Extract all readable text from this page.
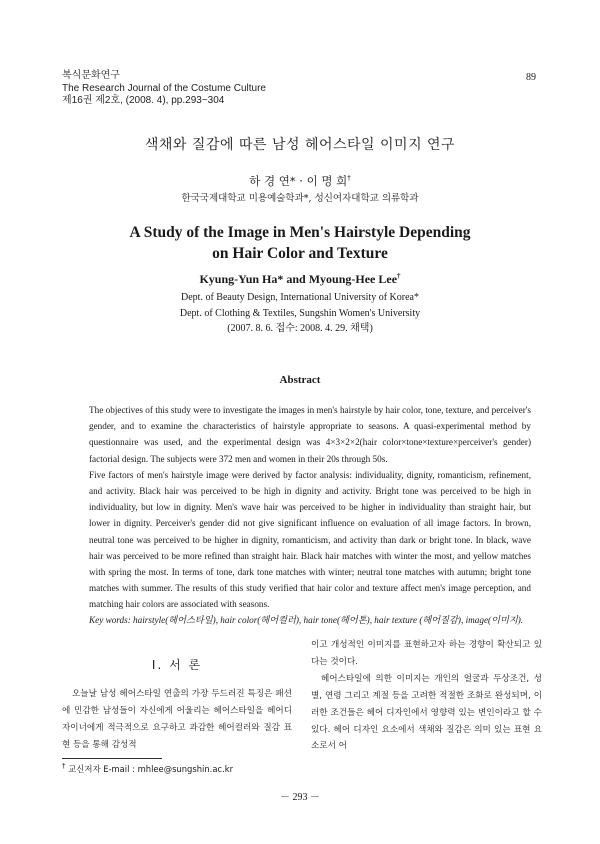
복식문화연구
The Research Journal of the Costume Culture
제16권 제2호, (2008. 4), pp.293~304
89
색채와 질감에 따른 남성 헤어스타일 이미지 연구
하 경 연* · 이 명 희†
한국국제대학교 미용예술학과*, 성신여자대학교 의류학과
A Study of the Image in Men's Hairstyle Depending
on Hair Color and Texture
Kyung-Yun Ha* and Myoung-Hee Lee†
Dept. of Beauty Design, International University of Korea*
Dept. of Clothing & Textiles, Sungshin Women's University
(2007. 8. 6. 접수: 2008. 4. 29. 채택)
Abstract

The objectives of this study were to investigate the images in men's hairstyle by hair color, tone, texture, and perceiver's gender, and to examine the characteristics of hairstyle appropriate to seasons. A quasi-experimental method by questionnaire was used, and the experimental design was 4×3×2×2(hair color×tone×texture×perceiver's gender) factorial design. The subjects were 372 men and women in their 20s through 50s.

Five factors of men's hairstyle image were derived by factor analysis: individuality, dignity, romanticism, refinement, and activity. Black hair was perceived to be high in dignity and activity. Bright tone was perceived to be high in individuality, but low in dignity. Men's wave hair was perceived to be higher in individuality than straight hair, but lower in dignity. Perceiver's gender did not give significant influence on evaluation of all image factors. In brown, neutral tone was perceived to be higher in dignity, romanticism, and activity than dark or bright tone. In black, wave hair was perceived to be more refined than straight hair. Black hair matches with winter the most, and yellow matches with spring the most. In terms of tone, dark tone matches with winter; neutral tone matches with autumn; bright tone matches with summer. The results of this study verified that hair color and texture affect men's image perception, and matching hair colors are associated with seasons.

Key words: hairstyle(헤어스타일), hair color(헤어컬러), hair tone(헤어톤), hair texture (헤어질감), image(이미지).
Ⅰ. 서 론

오늘날 남성 헤어스타일 연출의 가장 두드러진 특징은 패션에 민감한 남성들이 자신에게 어울리는 헤어스타일을 헤어디자이너에게 적극적으로 요구하고 과감한 헤어컬러와 질감 표현 등을 통해 감성적

이고 개성적인 이미지를 표현하고자 하는 경향이 확산되고 있다는 것이다.

헤어스타일에 의한 이미지는 개인의 얼굴과 두상조건, 성별, 연령 그리고 계절 등을 고려한 적절한 조화로 완성되며, 이러한 조건들은 헤어 디자인에서 영향력 있는 변인이라고 할 수 있다. 헤어 디자인 요소에서 색채와 질감은 의미 있는 표현 요소로서 어

† 교신저자 E-mail : mhlee@sungshin.ac.kr
－ 293 －
